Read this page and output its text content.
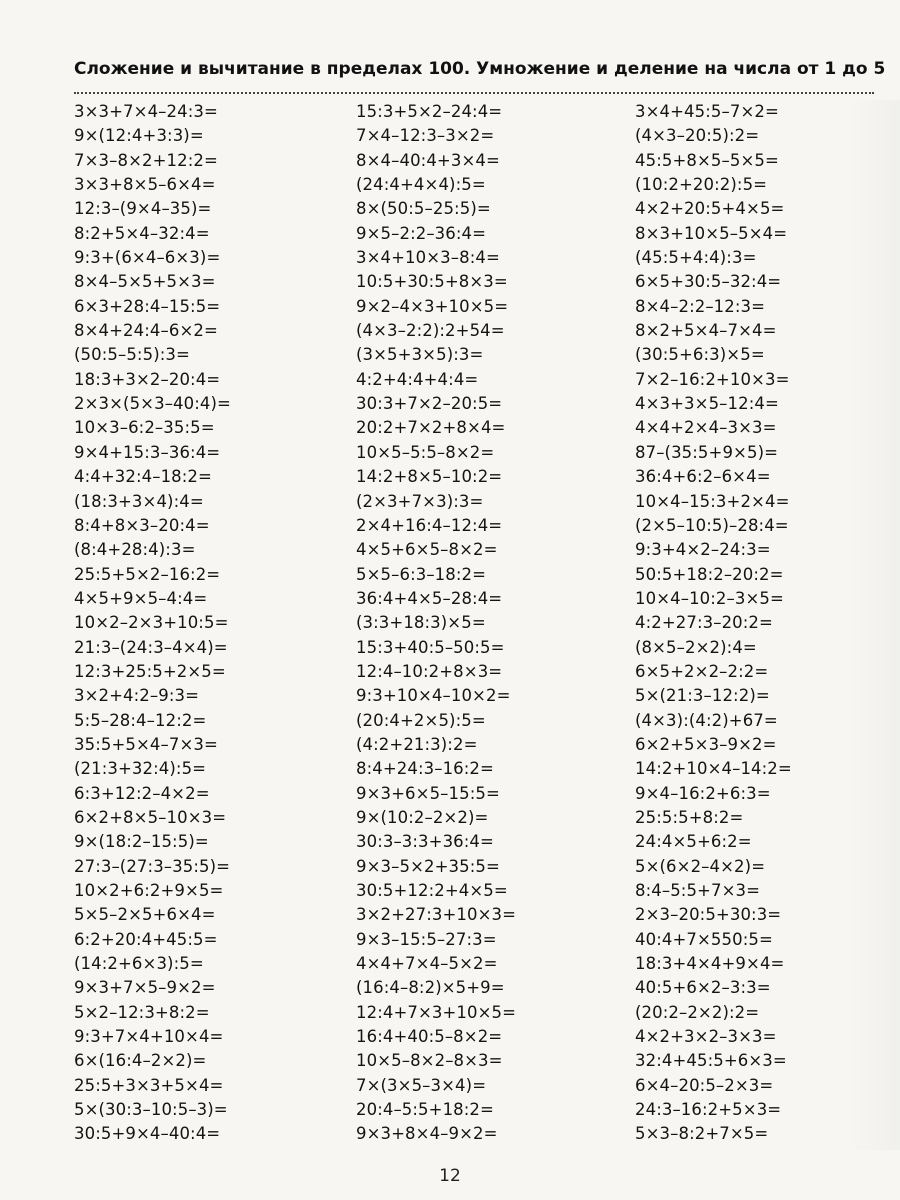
Сложение и вычитание в пределах 100. Умножение и деление на числа от 1 до 5
3×3+7×4–24:3=
9×(12:4+3:3)=
7×3–8×2+12:2=
3×3+8×5–6×4=
12:3–(9×4–35)=
8:2+5×4–32:4=
9:3+(6×4–6×3)=
8×4–5×5+5×3=
6×3+28:4–15:5=
8×4+24:4–6×2=
(50:5–5:5):3=
18:3+3×2–20:4=
2×3×(5×3–40:4)=
10×3–6:2–35:5=
9×4+15:3–36:4=
4:4+32:4–18:2=
(18:3+3×4):4=
8:4+8×3–20:4=
(8:4+28:4):3=
25:5+5×2–16:2=
4×5+9×5–4:4=
10×2–2×3+10:5=
21:3–(24:3–4×4)=
12:3+25:5+2×5=
3×2+4:2–9:3=
5:5–28:4–12:2=
35:5+5×4–7×3=
(21:3+32:4):5=
6:3+12:2–4×2=
6×2+8×5–10×3=
9×(18:2–15:5)=
27:3–(27:3–35:5)=
10×2+6:2+9×5=
5×5–2×5+6×4=
6:2+20:4+45:5=
(14:2+6×3):5=
9×3+7×5–9×2=
5×2–12:3+8:2=
9:3+7×4+10×4=
6×(16:4–2×2)=
25:5+3×3+5×4=
5×(30:3–10:5–3)=
30:5+9×4–40:4=
15:3+5×2–24:4=
7×4–12:3–3×2=
8×4–40:4+3×4=
(24:4+4×4):5=
8×(50:5–25:5)=
9×5–2:2–36:4=
3×4+10×3–8:4=
10:5+30:5+8×3=
9×2–4×3+10×5=
(4×3–2:2):2+54=
(3×5+3×5):3=
4:2+4:4+4:4=
30:3+7×2–20:5=
20:2+7×2+8×4=
10×5–5:5–8×2=
14:2+8×5–10:2=
(2×3+7×3):3=
2×4+16:4–12:4=
4×5+6×5–8×2=
5×5–6:3–18:2=
36:4+4×5–28:4=
(3:3+18:3)×5=
15:3+40:5–50:5=
12:4–10:2+8×3=
9:3+10×4–10×2=
(20:4+2×5):5=
(4:2+21:3):2=
8:4+24:3–16:2=
9×3+6×5–15:5=
9×(10:2–2×2)=
30:3–3:3+36:4=
9×3–5×2+35:5=
30:5+12:2+4×5=
3×2+27:3+10×3=
9×3–15:5–27:3=
4×4+7×4–5×2=
(16:4–8:2)×5+9=
12:4+7×3+10×5=
16:4+40:5–8×2=
10×5–8×2–8×3=
7×(3×5–3×4)=
20:4–5:5+18:2=
9×3+8×4–9×2=
3×4+45:5–7×2=
(4×3–20:5):2=
45:5+8×5–5×5=
(10:2+20:2):5=
4×2+20:5+4×5=
8×3+10×5–5×4=
(45:5+4:4):3=
6×5+30:5–32:4=
8×4–2:2–12:3=
8×2+5×4–7×4=
(30:5+6:3)×5=
7×2–16:2+10×3=
4×3+3×5–12:4=
4×4+2×4–3×3=
87–(35:5+9×5)=
36:4+6:2–6×4=
10×4–15:3+2×4=
(2×5–10:5)–28:4=
9:3+4×2–24:3=
50:5+18:2–20:2=
10×4–10:2–3×5=
4:2+27:3–20:2=
(8×5–2×2):4=
6×5+2×2–2:2=
5×(21:3–12:2)=
(4×3):(4:2)+67=
6×2+5×3–9×2=
14:2+10×4–14:2=
9×4–16:2+6:3=
25:5:5+8:2=
24:4×5+6:2=
5×(6×2–4×2)=
8:4–5:5+7×3=
2×3–20:5+30:3=
40:4+7×550:5=
18:3+4×4+9×4=
40:5+6×2–3:3=
(20:2–2×2):2=
4×2+3×2–3×3=
32:4+45:5+6×3=
6×4–20:5–2×3=
24:3–16:2+5×3=
5×3–8:2+7×5=
12
